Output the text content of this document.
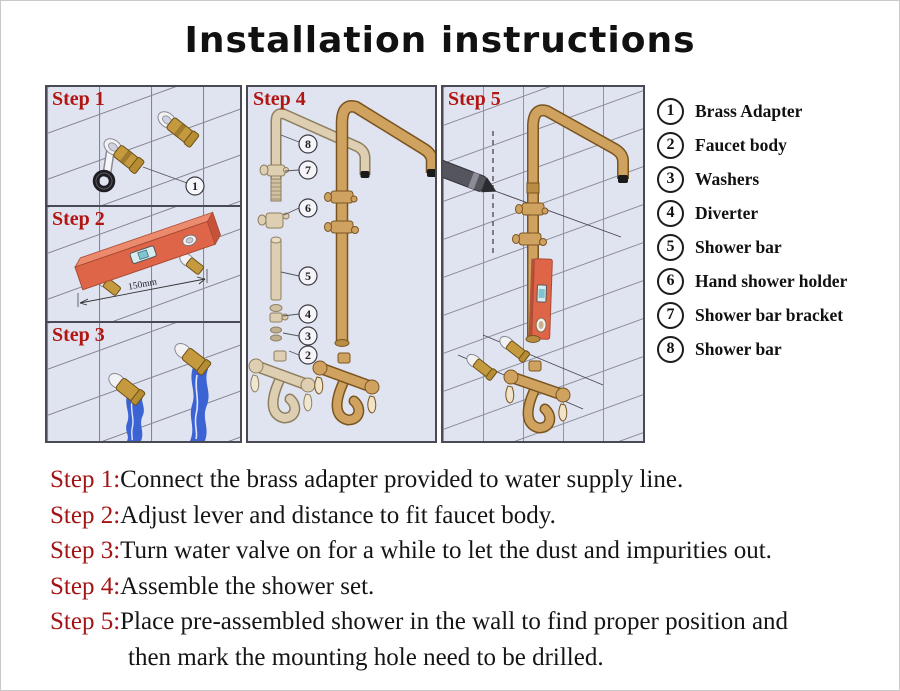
Installation instructions
Step 1
1
Step 2
150mm
Step 3
Step 4
8
7
6
5
4
3
2
Step 5	1	Brass Adapter
2	Faucet body
3	Washers
4	Diverter
5	Shower bar
6	Hand shower holder
7	Shower bar bracket
8	Shower bar
Step 1:Connect the brass adapter provided to water supply line.
Step 2:Adjust lever and distance to fit faucet body.
Step 3:Turn water valve on for a while to let the dust and impurities out.
Step 4:Assemble the shower set.
Step 5:Place pre-assembled shower in the wall to find proper position and
then mark the mounting hole need to be drilled.
